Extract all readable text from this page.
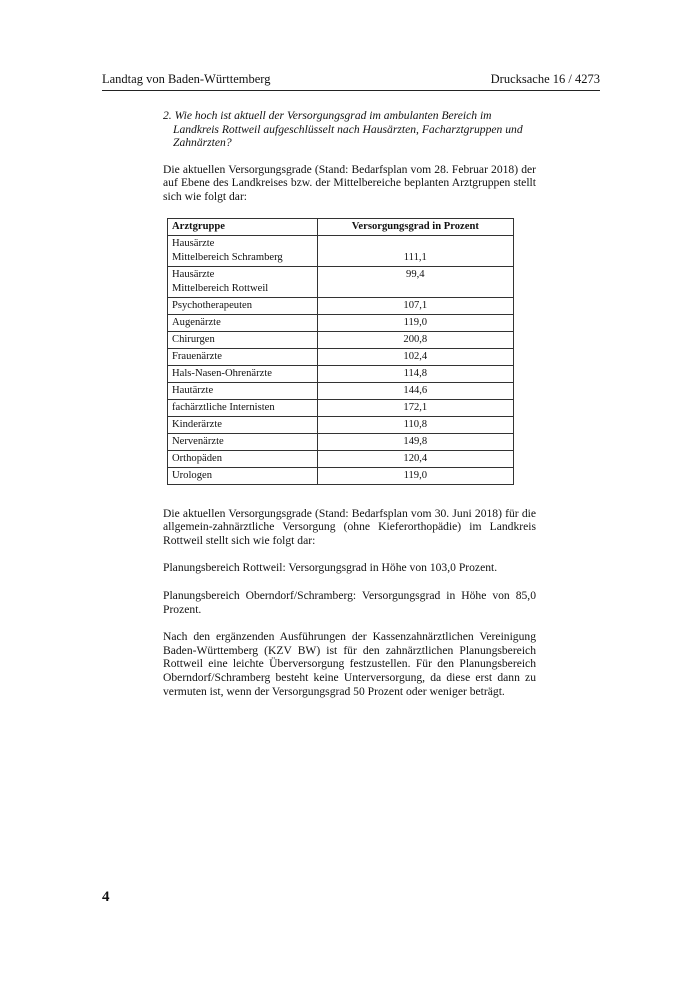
Landtag von Baden-Württemberg	Drucksache 16 / 4273

2. Wie hoch ist aktuell der Versorgungsgrad im ambulanten Bereich im Landkreis Rottweil aufgeschlüsselt nach Hausärzten, Facharztgruppen und Zahnärzten?

Die aktuellen Versorgungsgrade (Stand: Bedarfsplan vom 28. Februar 2018) der auf Ebene des Landkreises bzw. der Mittelbereiche beplanten Arztgruppen stellt sich wie folgt dar:

Arztgruppe	Versorgungsgrad in Prozent

Hausärzte
Mittelbereich Schramberg	111,1

Hausärzte
Mittelbereich Rottweil	99,4
Psychotherapeuten	107,1
Augenärzte	119,0
Chirurgen	200,8
Frauenärzte	102,4
Hals-Nasen-Ohrenärzte	114,8
Hautärzte	144,6
fachärztliche Internisten	172,1
Kinderärzte	110,8
Nervenärzte	149,8
Orthopäden	120,4
Urologen	119,0

Die aktuellen Versorgungsgrade (Stand: Bedarfsplan vom 30. Juni 2018) für die allgemein-zahnärztliche Versorgung (ohne Kieferorthopädie) im Landkreis Rottweil stellt sich wie folgt dar:

Planungsbereich Rottweil: Versorgungsgrad in Höhe von 103,0 Prozent.

Planungsbereich Oberndorf/Schramberg: Versorgungsgrad in Höhe von 85,0 Prozent.

Nach den ergänzenden Ausführungen der Kassenzahnärztlichen Vereinigung Baden-Württemberg (KZV BW) ist für den zahnärztlichen Planungsbereich Rottweil eine leichte Überversorgung festzustellen. Für den Planungsbereich Oberndorf/Schramberg besteht keine Unterversorgung, da diese erst dann zu vermuten ist, wenn der Versorgungsgrad 50 Prozent oder weniger beträgt.

4
